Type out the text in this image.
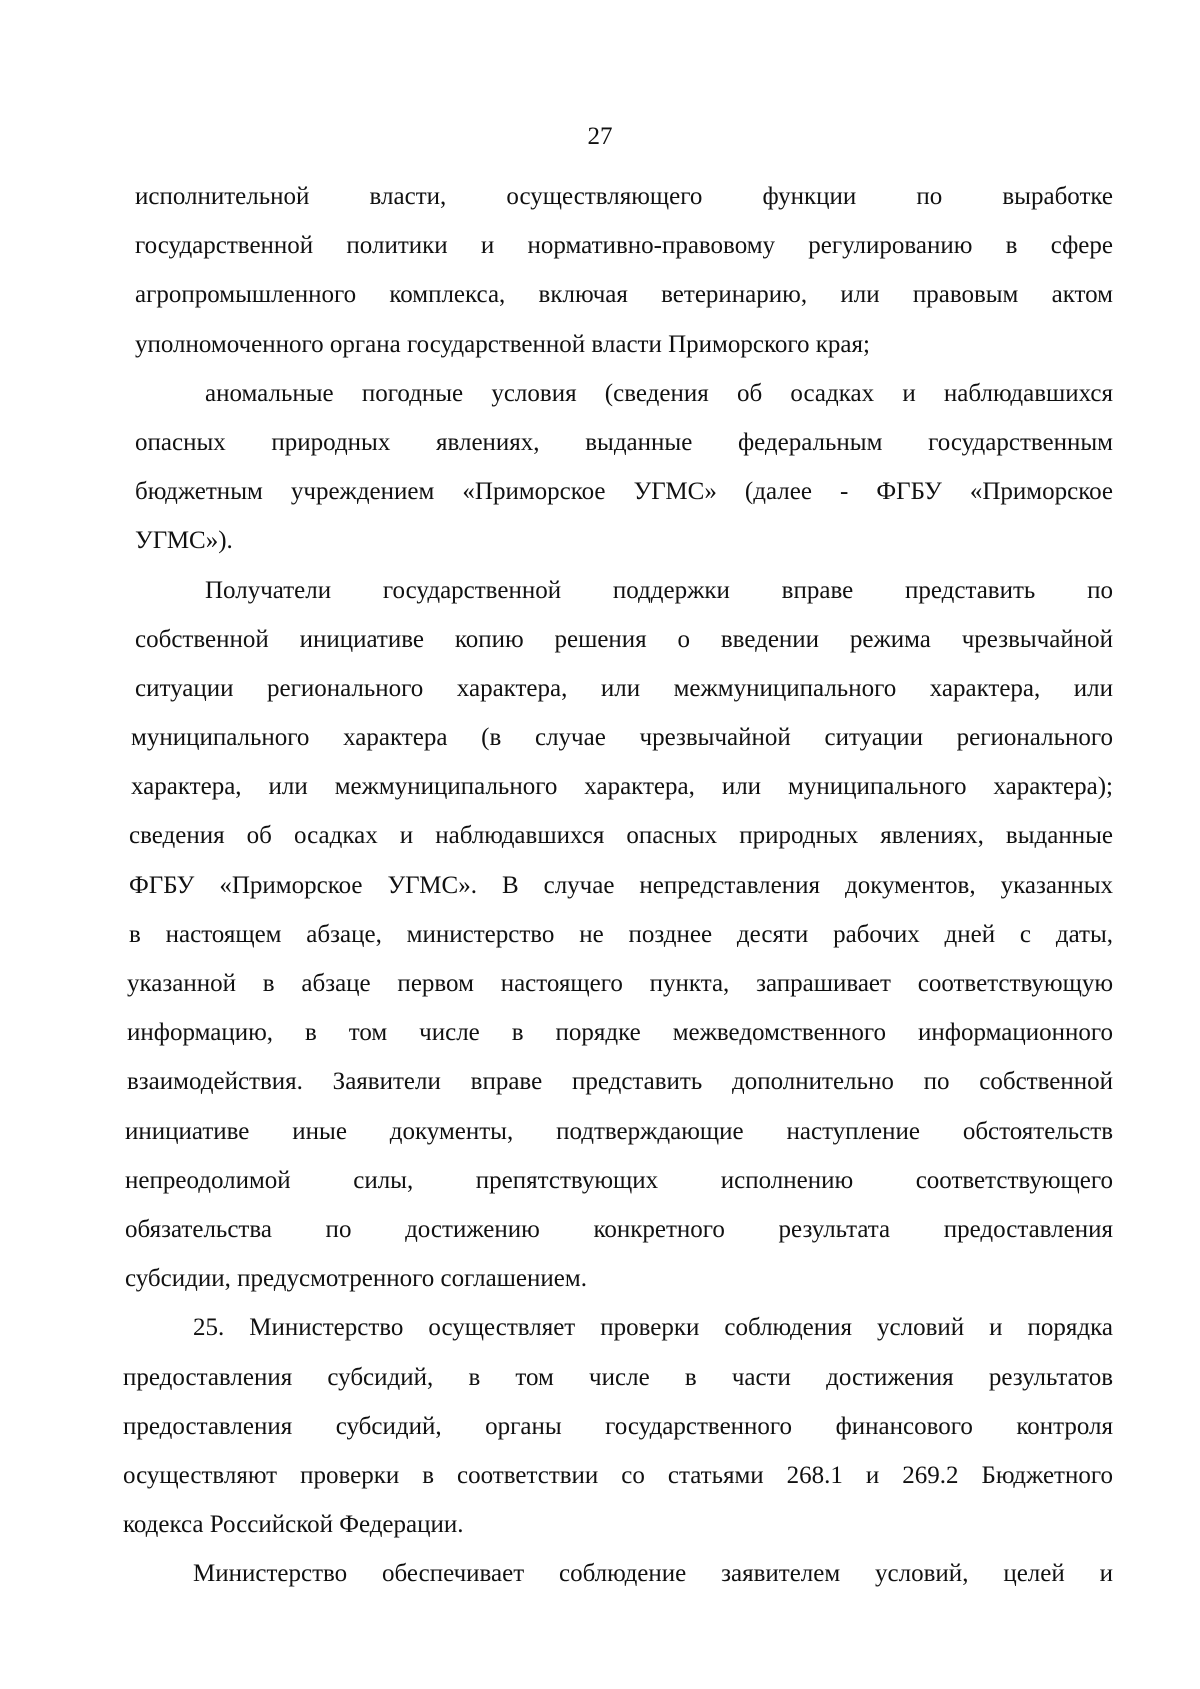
27
исполнительной власти, осуществляющего функции по выработке
государственной политики и нормативно-правовому регулированию в сфере
агропромышленного комплекса, включая ветеринарию, или правовым актом
уполномоченного органа государственной власти Приморского края;
аномальные погодные условия (сведения об осадках и наблюдавшихся
опасных природных явлениях, выданные федеральным государственным
бюджетным учреждением «Приморское УГМС» (далее - ФГБУ «Приморское
УГМС»).
Получатели государственной поддержки вправе представить по
собственной инициативе копию решения о введении режима чрезвычайной
ситуации регионального характера, или межмуниципального характера, или
муниципального характера (в случае чрезвычайной ситуации регионального
характера, или межмуниципального характера, или муниципального характера);
сведения об осадках и наблюдавшихся опасных природных явлениях, выданные
ФГБУ «Приморское УГМС». В случае непредставления документов, указанных
в настоящем абзаце, министерство не позднее десяти рабочих дней с даты,
указанной в абзаце первом настоящего пункта, запрашивает соответствующую
информацию, в том числе в порядке межведомственного информационного
взаимодействия. Заявители вправе представить дополнительно по собственной
инициативе иные документы, подтверждающие наступление обстоятельств
непреодолимой силы, препятствующих исполнению соответствующего
обязательства по достижению конкретного результата предоставления
субсидии, предусмотренного соглашением.
25. Министерство осуществляет проверки соблюдения условий и порядка
предоставления субсидий, в том числе в части достижения результатов
предоставления субсидий, органы государственного финансового контроля
осуществляют проверки в соответствии со статьями 268.1 и 269.2 Бюджетного
кодекса Российской Федерации.
Министерство обеспечивает соблюдение заявителем условий, целей и
